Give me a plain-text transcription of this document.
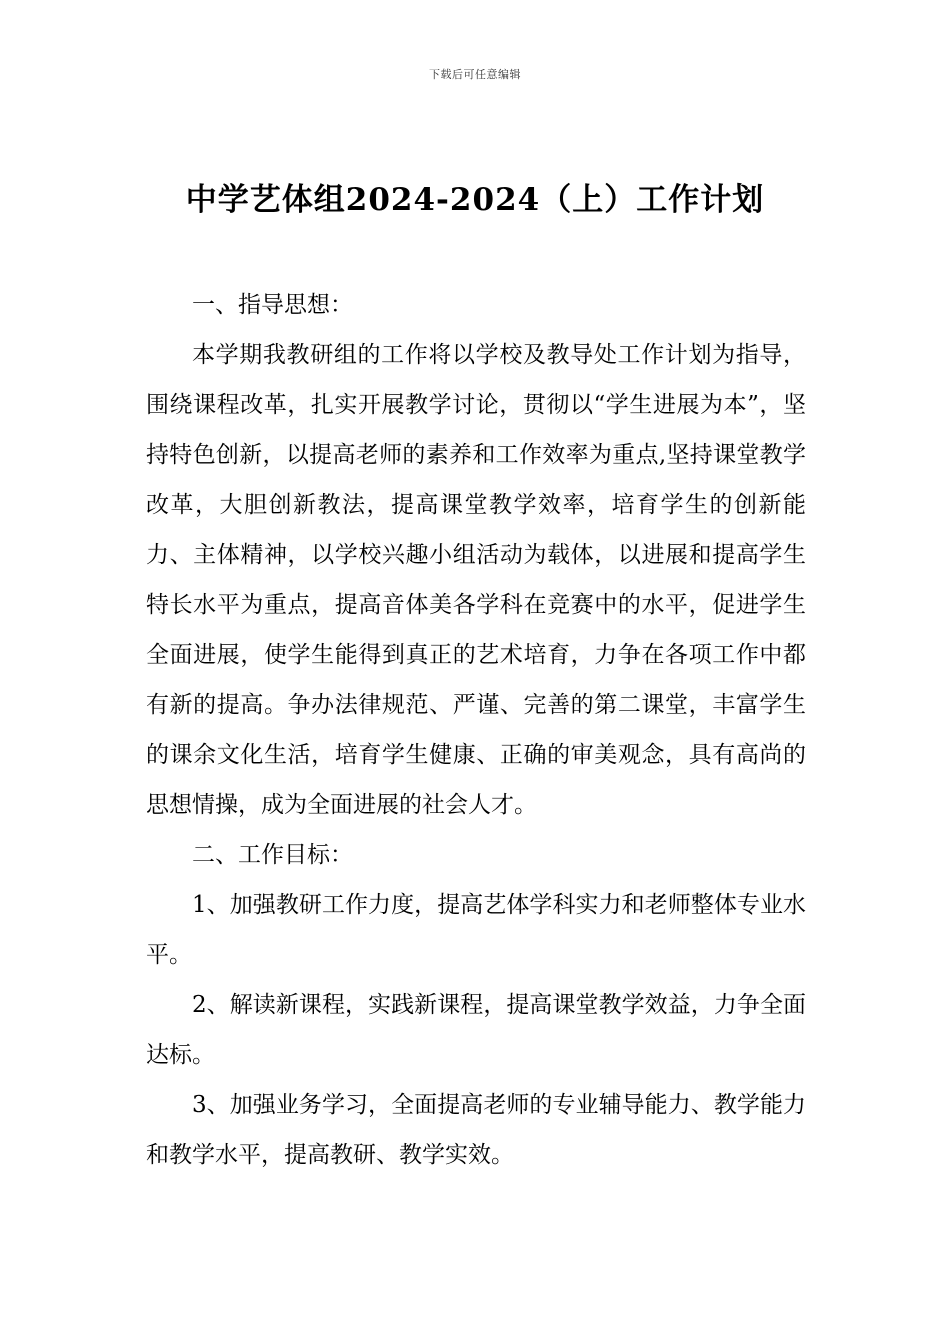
下载后可任意编辑
中学艺体组2024-2024（上）工作计划

一、指导思想：

本学期我教研组的工作将以学校及教导处工作计划为指导，围绕课程改革，扎实开展教学讨论，贯彻以“学生进展为本”，坚持特色创新，以提高老师的素养和工作效率为重点,坚持课堂教学改革，大胆创新教法，提高课堂教学效率，培育学生的创新能力、主体精神，以学校兴趣小组活动为载体，以进展和提高学生特长水平为重点，提高音体美各学科在竞赛中的水平，促进学生全面进展，使学生能得到真正的艺术培育，力争在各项工作中都有新的提高。争办法律规范、严谨、完善的第二课堂，丰富学生的课余文化生活，培育学生健康、正确的审美观念，具有高尚的思想情操，成为全面进展的社会人才。

二、工作目标：

1、加强教研工作力度，提高艺体学科实力和老师整体专业水平。

2、解读新课程，实践新课程，提高课堂教学效益，力争全面达标。

3、加强业务学习，全面提高老师的专业辅导能力、教学能力和教学水平，提高教研、教学实效。
